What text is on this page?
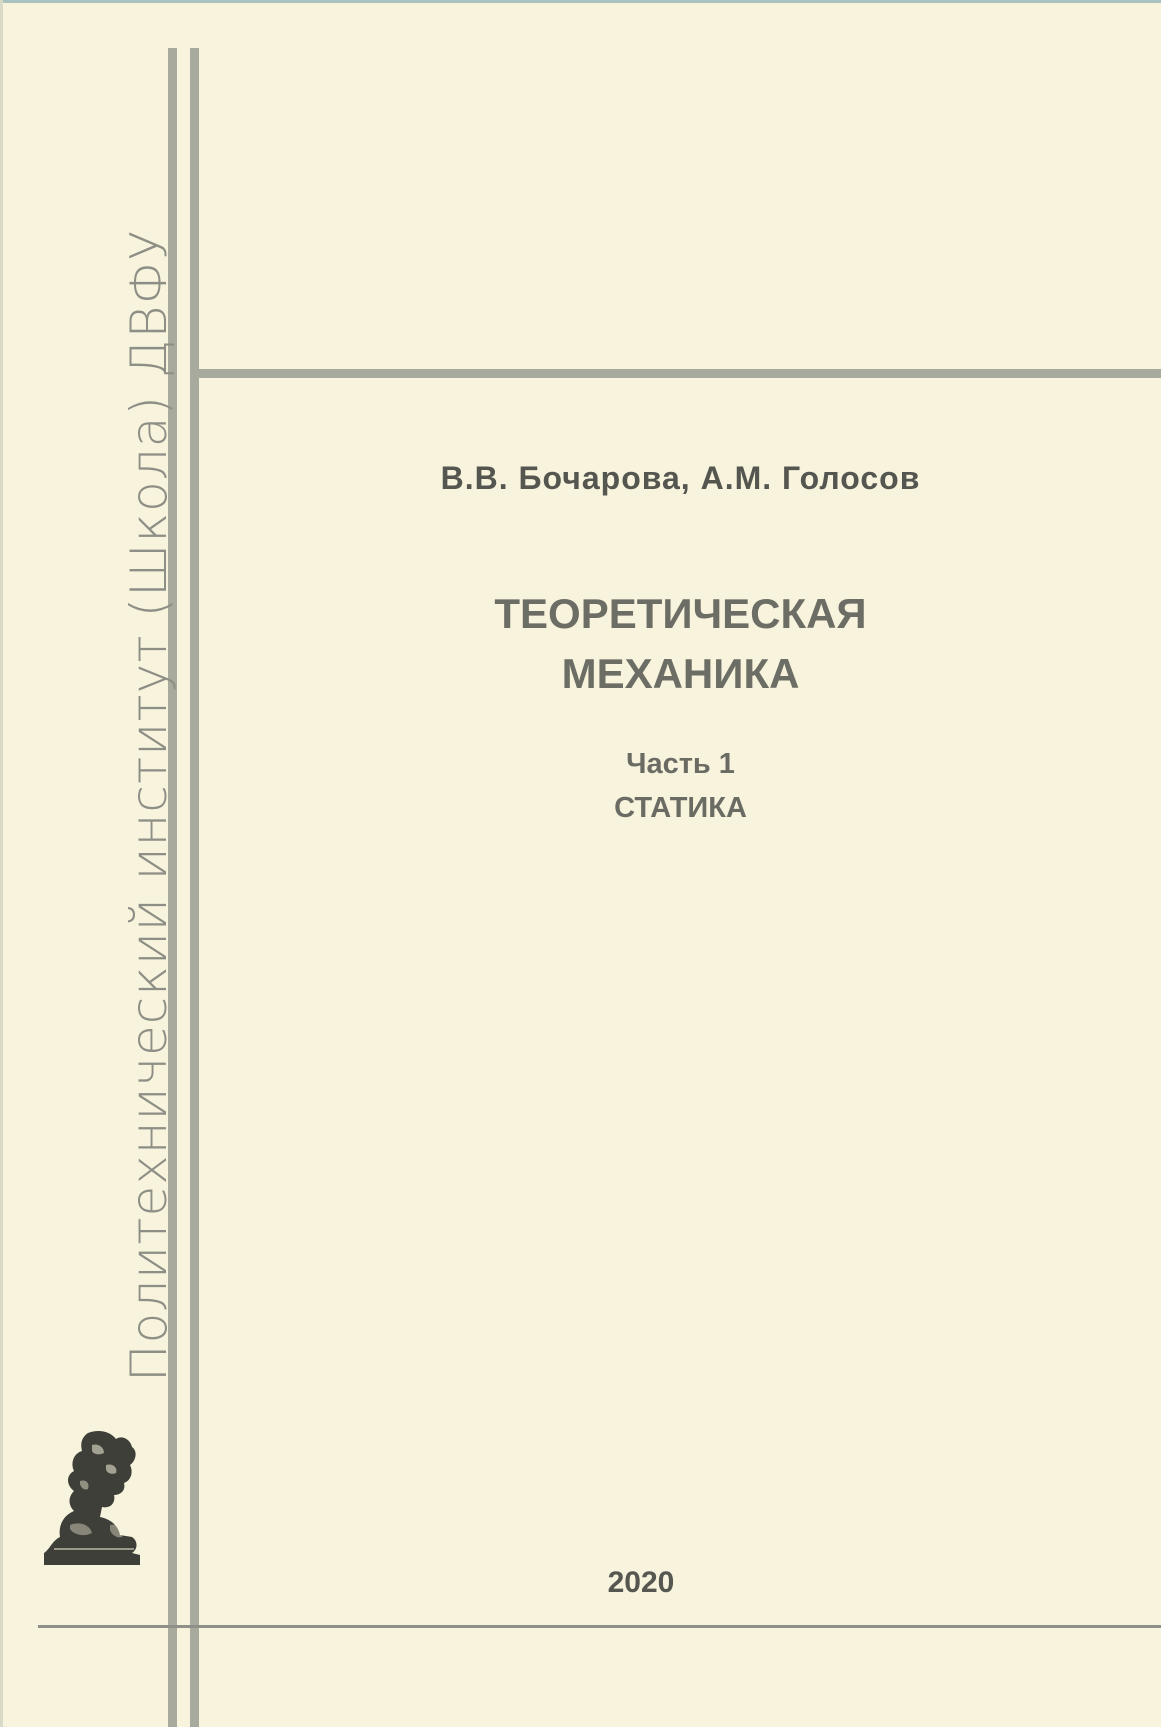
Политехнический институт (Школа) ДВФУ	В.В. Бочарова, А.М. Голосов
ТЕОРЕТИЧЕСКАЯ
МЕХАНИКА
Часть 1
СТАТИКА
2020
